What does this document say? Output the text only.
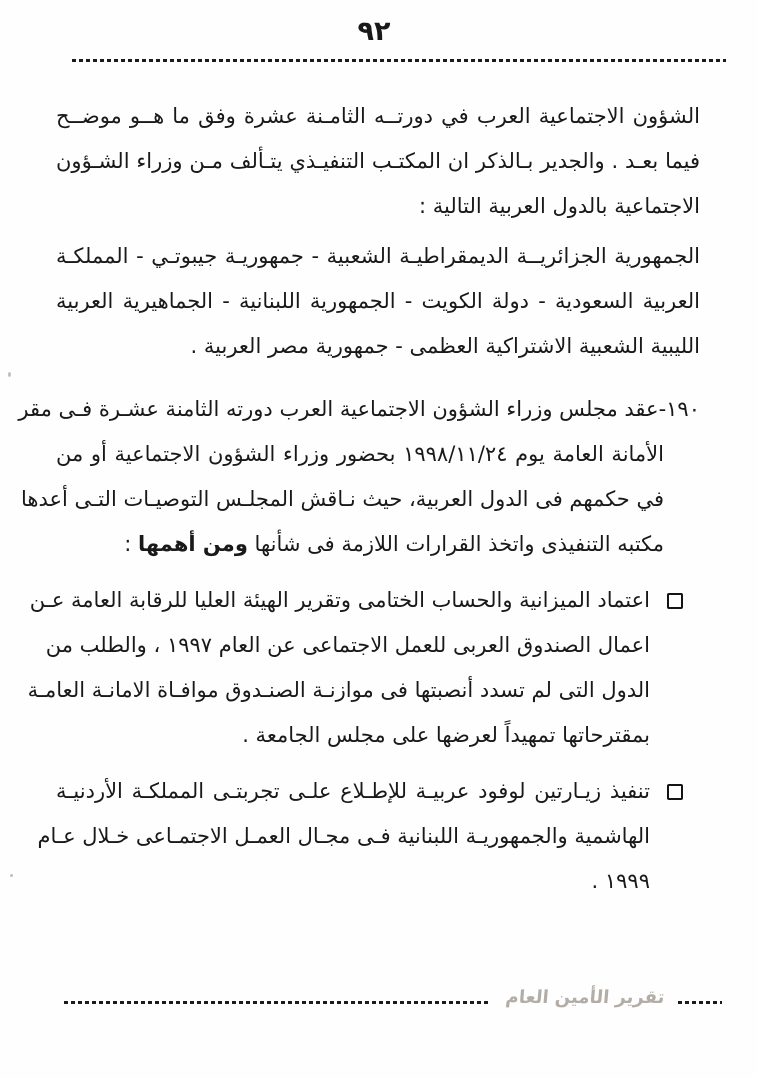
٩٢
الشؤون الاجتماعية العرب في دورتــه الثامـنة عشرة وفق ما هــو موضــح
فيما بعـد . والجدير بـالذكر ان المكتـب التنفيـذي يتـألف مـن وزراء الشـؤون
الاجتماعية بالدول العربية التالية :
الجمهورية الجزائريــة الديمقراطيـة الشعبية - جمهوريـة جيبوتـي - المملكـة
العربية السعودية - دولة الكويت - الجمهورية اللبنانية - الجماهيرية العربية
الليبية الشعبية الاشتراكية العظمى - جمهورية مصر العربية .
١٩٠-عقد مجلس وزراء الشؤون الاجتماعية العرب دورته الثامنة عشـرة فـى مقر
الأمانة العامة يوم ١٩٩٨/١١/٢٤ بحضور وزراء الشؤون الاجتماعية أو من
في حكمهم فى الدول العربية، حيث نـاقش المجلـس التوصيـات التـى أعدها
مكتبه التنفيذى واتخذ القرارات اللازمة فى شأنها ومن أهمها :
اعتماد الميزانية والحساب الختامى وتقرير الهيئة العليا للرقابة العامة عـن
اعمال الصندوق العربى للعمل الاجتماعى عن العام ١٩٩٧ ، والطلب من
الدول التى لم تسدد أنصبتها فى موازنـة الصنـدوق موافـاة الامانـة العامـة
بمقترحاتها تمهيداً لعرضها على مجلس الجامعة .
تنفيذ زيـارتين لوفود عربيـة للإطـلاع علـى تجربتـى المملكـة الأردنيـة
الهاشمية والجمهوريـة اللبنانية فـى مجـال العمـل الاجتمـاعى خـلال عـام
١٩٩٩ .
تقرير الأمين العام
